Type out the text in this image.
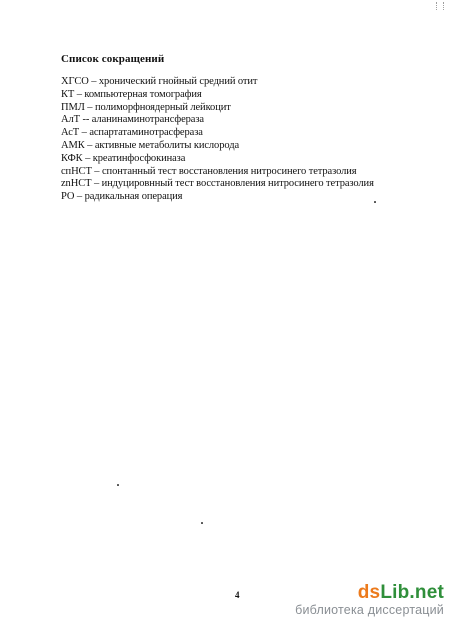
Список сокращений
ХГСО – хронический гнойный средний отит
КТ – компьютерная томография
ПМЛ – полиморфноядерный лейкоцит
АлТ -- аланинаминотрансфераза
АсТ – аспартатаминотрасфераза
АМК – активные метаболиты кислорода
КФК – креатинфосфокиназа
спНСТ – спонтанный тест восстановления нитросинего тетразолия
znНСТ – индуцировнный тест восстановления нитросинего тетразолия
РО – радикальная операция
4	dsLib.net
библиотека диссертаций
